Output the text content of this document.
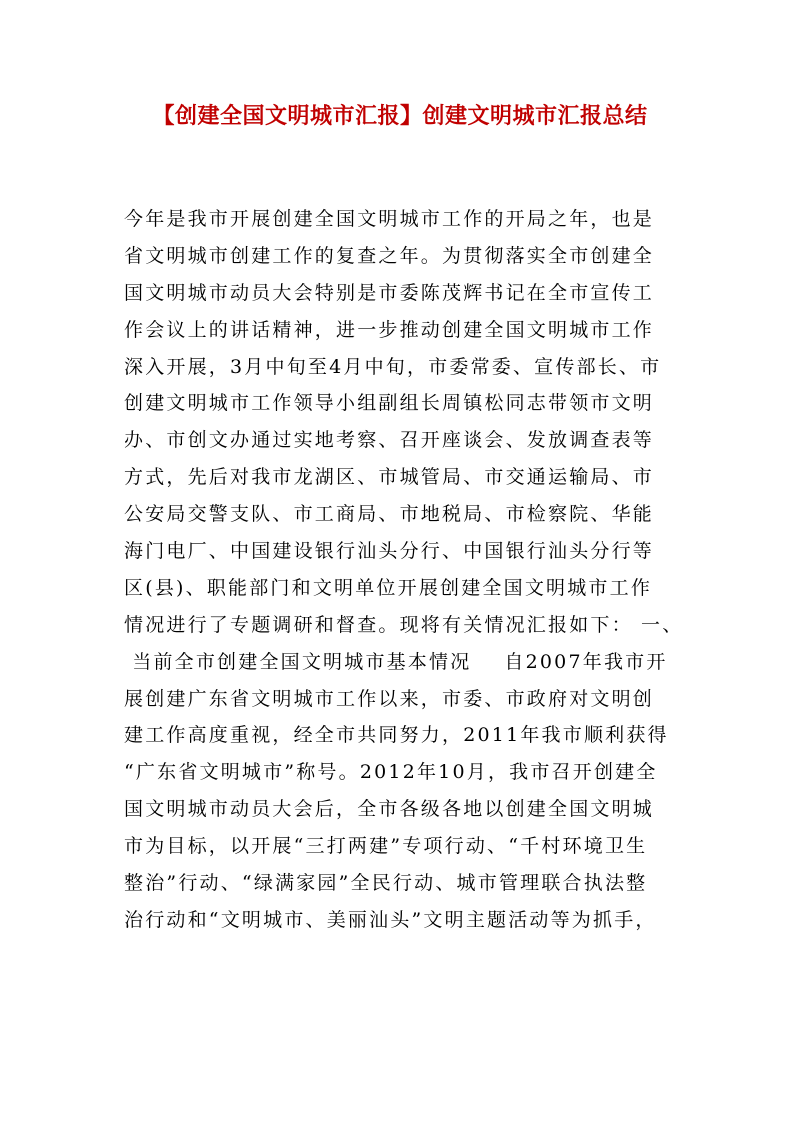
【创建全国文明城市汇报】创建文明城市汇报总结
今年是我市开展创建全国文明城市工作的开局之年，也是
省文明城市创建工作的复查之年。为贯彻落实全市创建全
国文明城市动员大会特别是市委陈茂辉书记在全市宣传工
作会议上的讲话精神，进一步推动创建全国文明城市工作
深入开展，3月中旬至4月中旬，市委常委、宣传部长、市
创建文明城市工作领导小组副组长周镇松同志带领市文明
办、市创文办通过实地考察、召开座谈会、发放调查表等
方式，先后对我市龙湖区、市城管局、市交通运输局、市
公安局交警支队、市工商局、市地税局、市检察院、华能
海门电厂、中国建设银行汕头分行、中国银行汕头分行等
区(县)、职能部门和文明单位开展创建全国文明城市工作
情况进行了专题调研和督查。现将有关情况汇报如下： 一、
当前全市创建全国文明城市基本情况    自2007年我市开
展创建广东省文明城市工作以来，市委、市政府对文明创
建工作高度重视，经全市共同努力，2011年我市顺利获得
“广东省文明城市”称号。2012年10月，我市召开创建全
国文明城市动员大会后，全市各级各地以创建全国文明城
市为目标，以开展“三打两建”专项行动、“千村环境卫生
整治”行动、“绿满家园”全民行动、城市管理联合执法整
治行动和“文明城市、美丽汕头”文明主题活动等为抓手，
